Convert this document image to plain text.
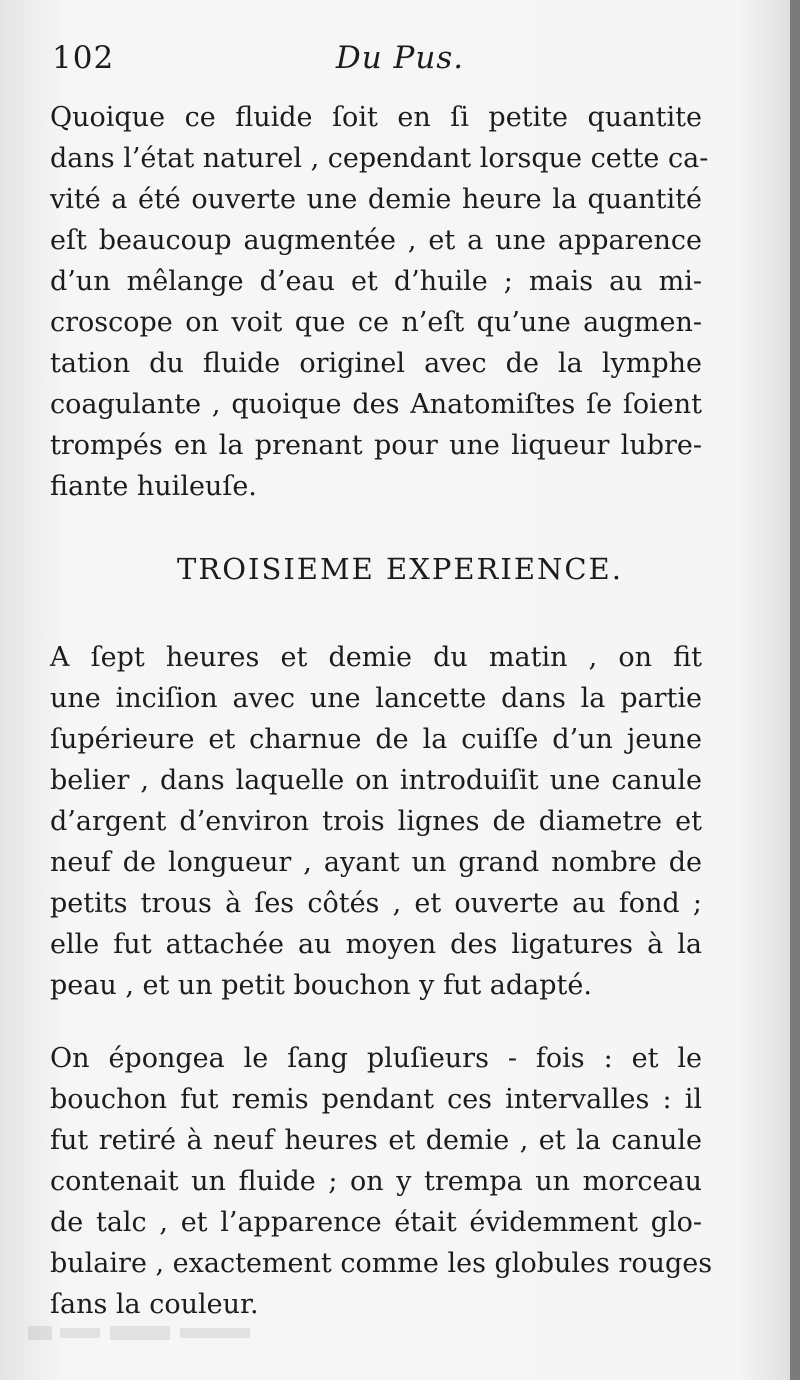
102	Du Pus.
Quoique ce fluide ſoit en ſi petite quantite
dans l’état naturel , cependant lorsque cette ca-
vité a été ouverte une demie heure la quantité
eſt beaucoup augmentée , et a une apparence
d’un mêlange d’eau et d’huile ; mais au mi-
croscope on voit que ce n’eſt qu’une augmen-
tation du fluide originel avec de la lymphe
coagulante , quoique des Anatomiſtes ſe ſoient
trompés en la prenant pour une liqueur lubre-
fiante huileuſe.
TROISIEME EXPERIENCE.
A ſept heures et demie du matin , on fit
une inciſion avec une lancette dans la partie
ſupérieure et charnue de la cuiſſe d’un jeune
belier , dans laquelle on introduiſit une canule
d’argent d’environ trois lignes de diametre et
neuf de longueur , ayant un grand nombre de
petits trous à ſes côtés , et ouverte au fond ;
elle fut attachée au moyen des ligatures à la
peau , et un petit bouchon y fut adapté.
On épongea le ſang pluſieurs - fois : et le
bouchon fut remis pendant ces intervalles : il
fut retiré à neuf heures et demie , et la canule
contenait un fluide ; on y trempa un morceau
de talc , et l’apparence était évidemment glo-
bulaire , exactement comme les globules rouges
ſans la couleur.
